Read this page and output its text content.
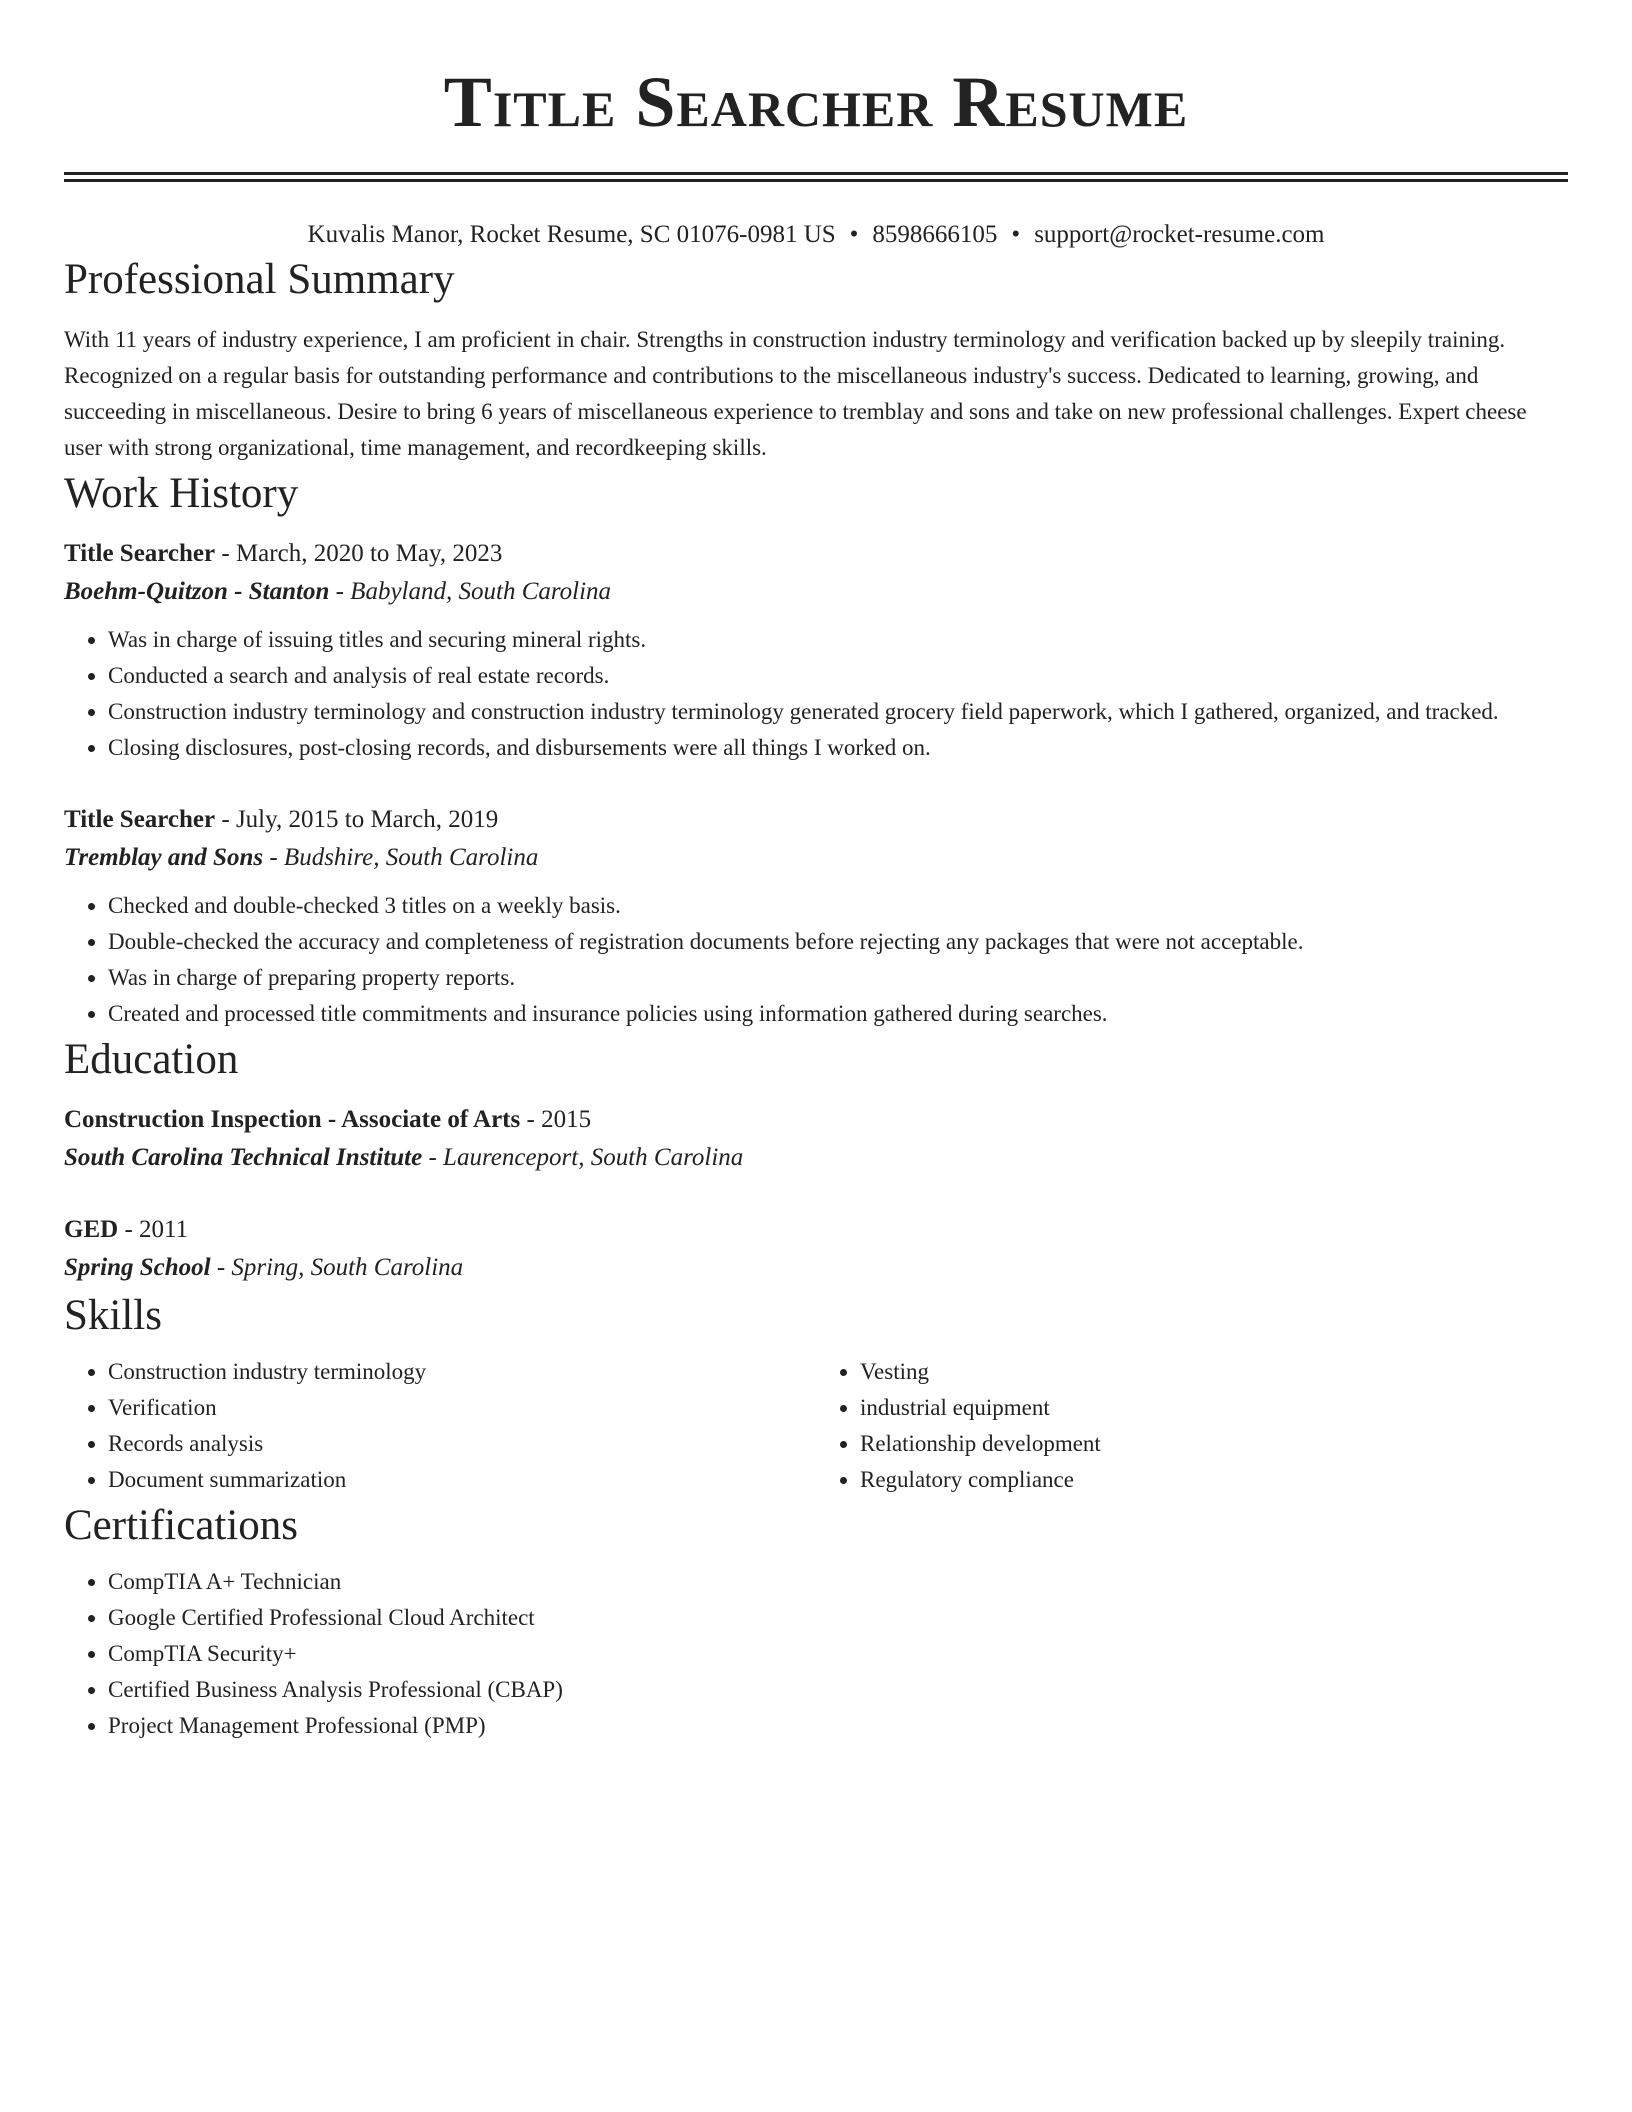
Title Searcher Resume
Kuvalis Manor, Rocket Resume, SC 01076-0981 US • 8598666105 • support@rocket-resume.com
Professional Summary

With 11 years of industry experience, I am proficient in chair. Strengths in construction industry terminology and verification backed up by sleepily training. Recognized on a regular basis for outstanding performance and contributions to the miscellaneous industry's success. Dedicated to learning, growing, and succeeding in miscellaneous. Desire to bring 6 years of miscellaneous experience to tremblay and sons and take on new professional challenges. Expert cheese user with strong organizational, time management, and recordkeeping skills.

Work History
Title Searcher - March, 2020 to May, 2023
Boehm-Quitzon - Stanton - Babyland, South Carolina
• Was in charge of issuing titles and securing mineral rights.
• Conducted a search and analysis of real estate records.
• Construction industry terminology and construction industry terminology generated grocery field paperwork, which I gathered, organized, and tracked.
• Closing disclosures, post-closing records, and disbursements were all things I worked on.
Title Searcher - July, 2015 to March, 2019
Tremblay and Sons - Budshire, South Carolina
• Checked and double-checked 3 titles on a weekly basis.
• Double-checked the accuracy and completeness of registration documents before rejecting any packages that were not acceptable.
• Was in charge of preparing property reports.
• Created and processed title commitments and insurance policies using information gathered during searches.
Education
Construction Inspection - Associate of Arts - 2015
South Carolina Technical Institute - Laurenceport, South Carolina
GED - 2011
Spring School - Spring, South Carolina
Skills
• Construction industry terminology
• Verification
• Records analysis
• Document summarization
• Vesting
• industrial equipment
• Relationship development
• Regulatory compliance
Certifications
• CompTIA A+ Technician
• Google Certified Professional Cloud Architect
• CompTIA Security+
• Certified Business Analysis Professional (CBAP)
• Project Management Professional (PMP)
